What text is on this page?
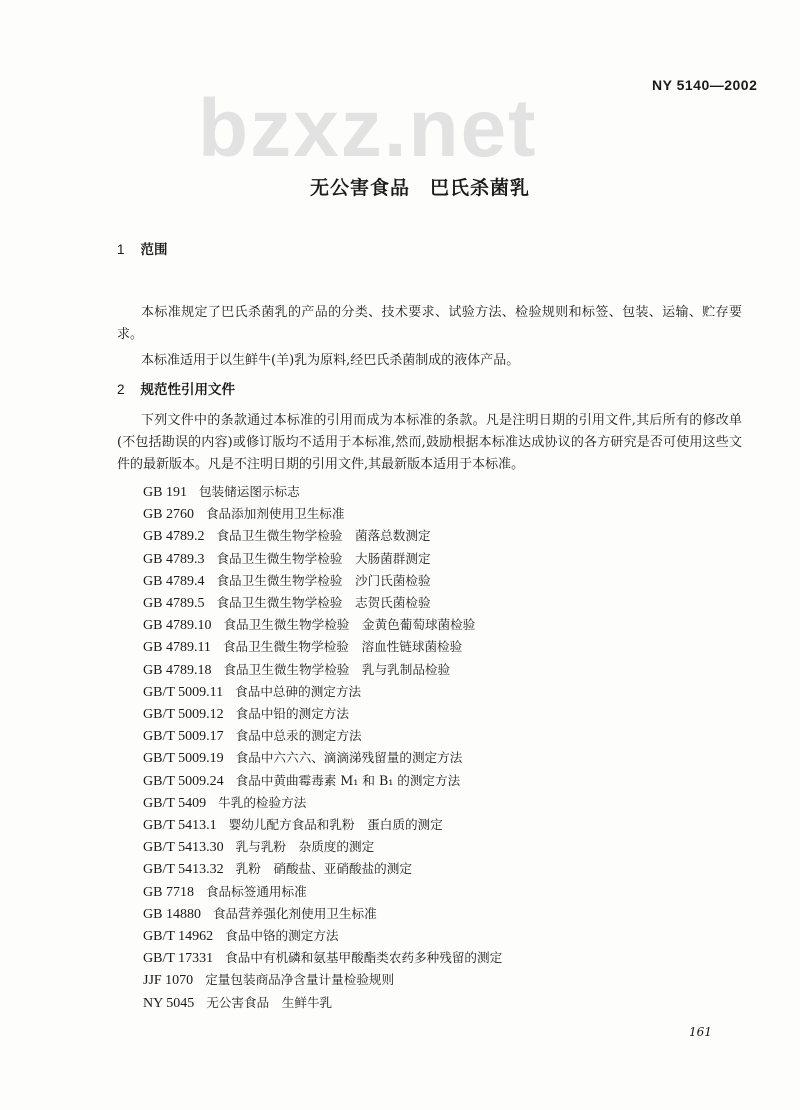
bzxz.net	NY 5140—2002
无公害食品　巴氏杀菌乳
1 范围
本标准规定了巴氏杀菌乳的产品的分类、技术要求、试验方法、检验规则和标签、包装、运输、贮存要求。
本标准适用于以生鲜牛(羊)乳为原料,经巴氏杀菌制成的液体产品。
2 规范性引用文件
下列文件中的条款通过本标准的引用而成为本标准的条款。凡是注明日期的引用文件,其后所有的修改单(不包括勘误的内容)或修订版均不适用于本标准,然而,鼓励根据本标准达成协议的各方研究是否可使用这些文件的最新版本。凡是不注明日期的引用文件,其最新版本适用于本标准。
GB 191 包装储运图示标志
GB 2760 食品添加剂使用卫生标准
GB 4789.2 食品卫生微生物学检验　菌落总数测定
GB 4789.3 食品卫生微生物学检验　大肠菌群测定
GB 4789.4 食品卫生微生物学检验　沙门氏菌检验
GB 4789.5 食品卫生微生物学检验　志贺氏菌检验
GB 4789.10 食品卫生微生物学检验　金黄色葡萄球菌检验
GB 4789.11 食品卫生微生物学检验　溶血性链球菌检验
GB 4789.18 食品卫生微生物学检验　乳与乳制品检验
GB/T 5009.11 食品中总砷的测定方法
GB/T 5009.12 食品中铅的测定方法
GB/T 5009.17 食品中总汞的测定方法
GB/T 5009.19 食品中六六六、滴滴涕残留量的测定方法
GB/T 5009.24 食品中黄曲霉毒素 M₁ 和 B₁ 的测定方法
GB/T 5409 牛乳的检验方法
GB/T 5413.1 婴幼儿配方食品和乳粉　蛋白质的测定
GB/T 5413.30 乳与乳粉　杂质度的测定
GB/T 5413.32 乳粉　硝酸盐、亚硝酸盐的测定
GB 7718 食品标签通用标准
GB 14880 食品营养强化剂使用卫生标准
GB/T 14962 食品中铬的测定方法
GB/T 17331 食品中有机磷和氨基甲酸酯类农药多种残留的测定
JJF 1070 定量包装商品净含量计量检验规则
NY 5045 无公害食品　生鲜牛乳
161
